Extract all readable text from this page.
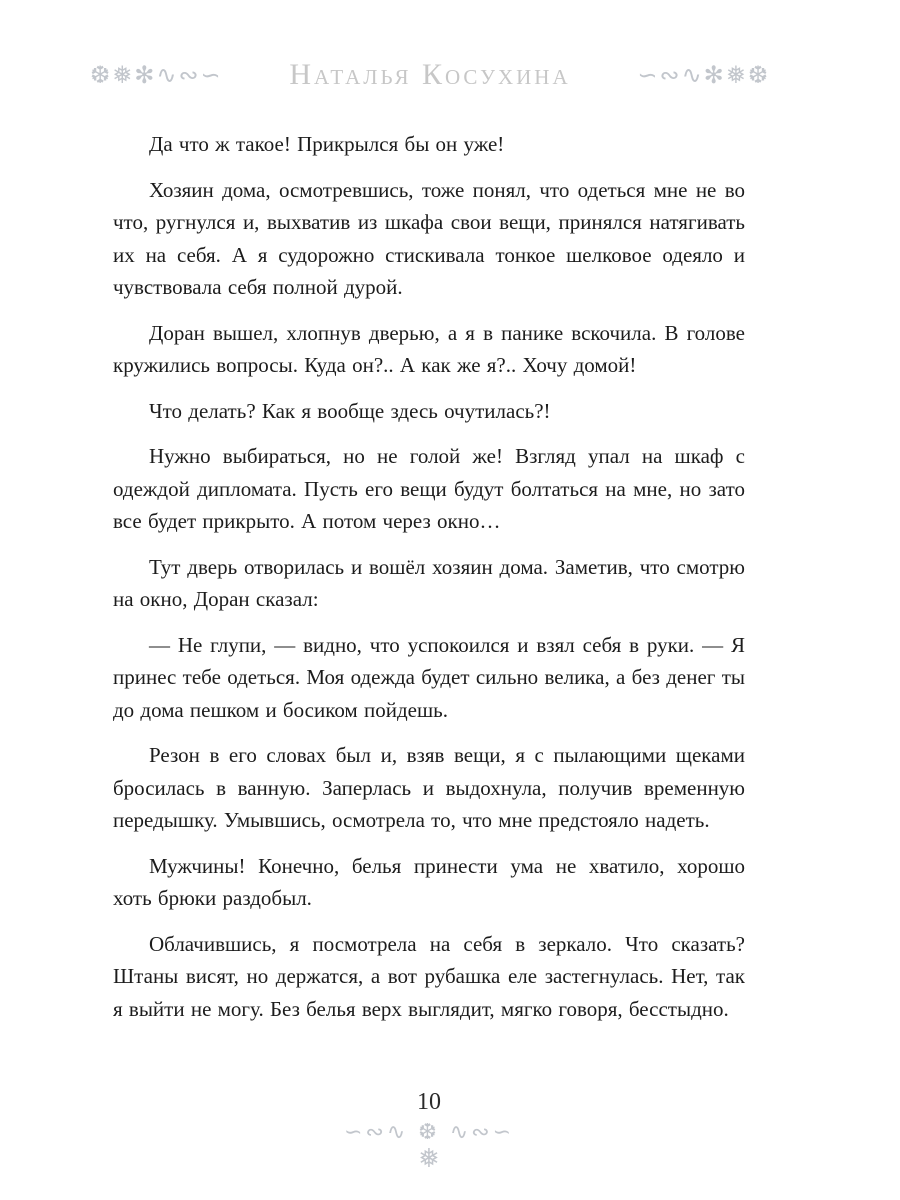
❆❅✻∿∾∽	Наталья Косухина	∽∾∿✻❅❆

Да что ж такое! Прикрылся бы он уже!

Хозяин дома, осмотревшись, тоже понял, что одеться мне не во что, ругнулся и, выхватив из шкафа свои вещи, принялся натягивать их на себя. А я судорожно стискивала тонкое шелковое одеяло и чувствовала себя полной дурой.

Доран вышел, хлопнув дверью, а я в панике вскочила. В голове кружились вопросы. Куда он?.. А как же я?.. Хочу домой!

Что делать? Как я вообще здесь очутилась?!

Нужно выбираться, но не голой же! Взгляд упал на шкаф с одеждой дипломата. Пусть его вещи будут болтаться на мне, но зато все будет прикрыто. А потом через окно…

Тут дверь отворилась и вошёл хозяин дома. Заметив, что смотрю на окно, Доран сказал:

— Не глупи, — видно, что успокоился и взял себя в руки. — Я принес тебе одеться. Моя одежда будет сильно велика, а без денег ты до дома пешком и босиком пойдешь.

Резон в его словах был и, взяв вещи, я с пылающими щеками бросилась в ванную. Заперлась и выдохнула, получив временную передышку. Умывшись, осмотрела то, что мне предстояло надеть.

Мужчины! Конечно, белья принести ума не хватило, хорошо хоть брюки раздобыл.

Облачившись, я посмотрела на себя в зеркало. Что сказать? Штаны висят, но держатся, а вот рубашка еле застегнулась. Нет, так я выйти не могу. Без белья верх выглядит, мягко говоря, бесстыдно.

10
∽∾∿ ❆ ∿∾∽
❅
